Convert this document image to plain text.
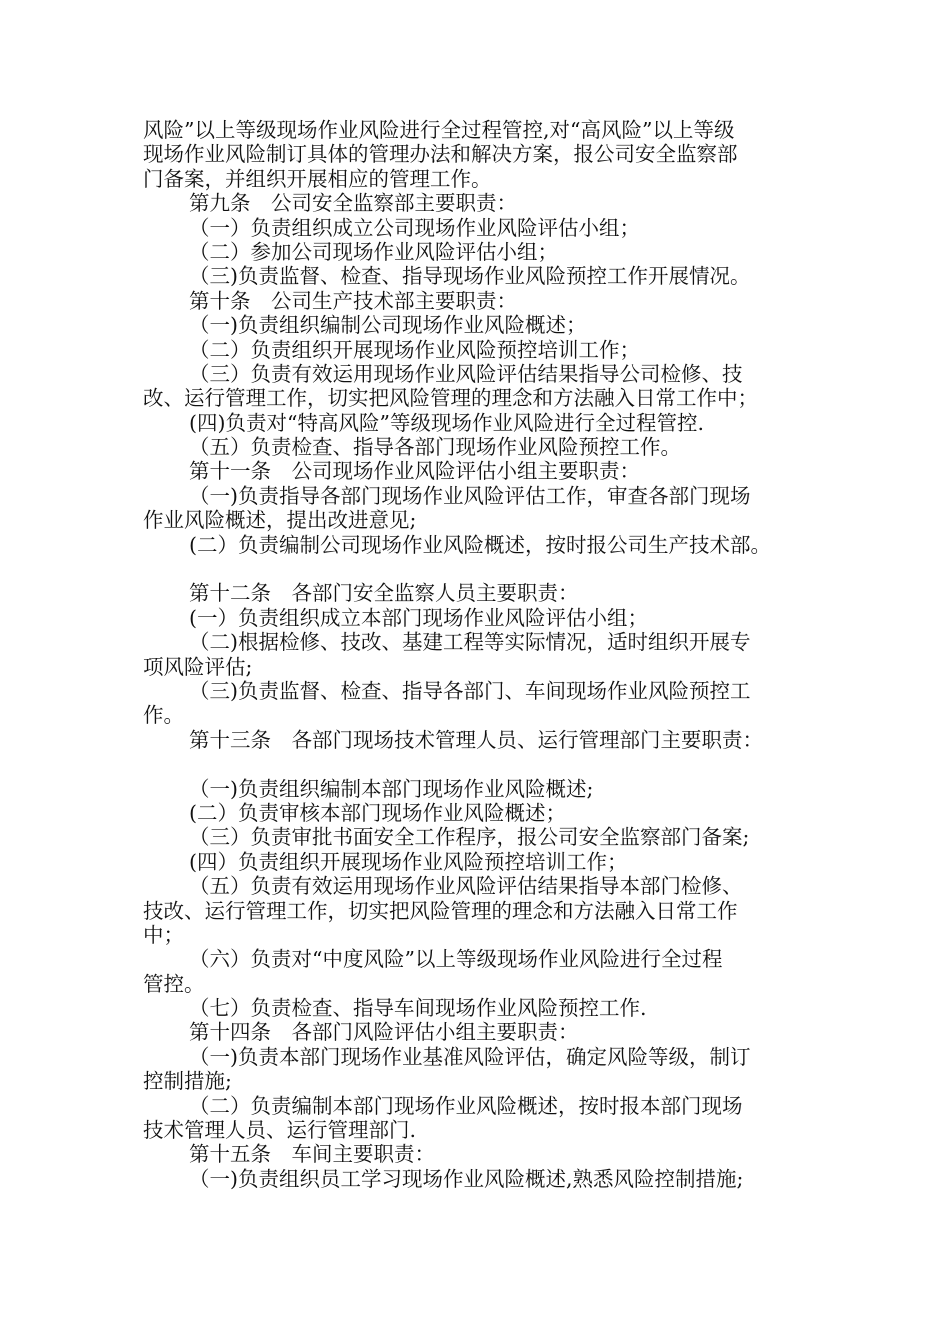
风险”以上等级现场作业风险进行全过程管控,对“高风险”以上等级
现场作业风险制订具体的管理办法和解决方案，报公司安全监察部
门备案，并组织开展相应的管理工作。
第九条　公司安全监察部主要职责：
（一）负责组织成立公司现场作业风险评估小组；
（二）参加公司现场作业风险评估小组；
（三)负责监督、检查、指导现场作业风险预控工作开展情况。
第十条　公司生产技术部主要职责：
（一)负责组织编制公司现场作业风险概述；
（二）负责组织开展现场作业风险预控培训工作；
（三）负责有效运用现场作业风险评估结果指导公司检修、技
改、运行管理工作，切实把风险管理的理念和方法融入日常工作中；
(四)负责对“特高风险”等级现场作业风险进行全过程管控.
（五）负责检查、指导各部门现场作业风险预控工作。
第十一条　公司现场作业风险评估小组主要职责：
（一)负责指导各部门现场作业风险评估工作，审查各部门现场
作业风险概述，提出改进意见;
(二）负责编制公司现场作业风险概述，按时报公司生产技术部。
第十二条　各部门安全监察人员主要职责：
(一）负责组织成立本部门现场作业风险评估小组；
（二)根据检修、技改、基建工程等实际情况，适时组织开展专
项风险评估;
（三)负责监督、检查、指导各部门、车间现场作业风险预控工
作。
第十三条　各部门现场技术管理人员、运行管理部门主要职责：
（一)负责组织编制本部门现场作业风险概述;
(二）负责审核本部门现场作业风险概述；
（三）负责审批书面安全工作程序，报公司安全监察部门备案;
(四）负责组织开展现场作业风险预控培训工作；
（五）负责有效运用现场作业风险评估结果指导本部门检修、
技改、运行管理工作，切实把风险管理的理念和方法融入日常工作
中；
（六）负责对“中度风险”以上等级现场作业风险进行全过程
管控。
（七）负责检查、指导车间现场作业风险预控工作.
第十四条　各部门风险评估小组主要职责：
（一)负责本部门现场作业基准风险评估，确定风险等级，制订
控制措施;
（二）负责编制本部门现场作业风险概述，按时报本部门现场
技术管理人员、运行管理部门.
第十五条　车间主要职责：
（一)负责组织员工学习现场作业风险概述,熟悉风险控制措施;
